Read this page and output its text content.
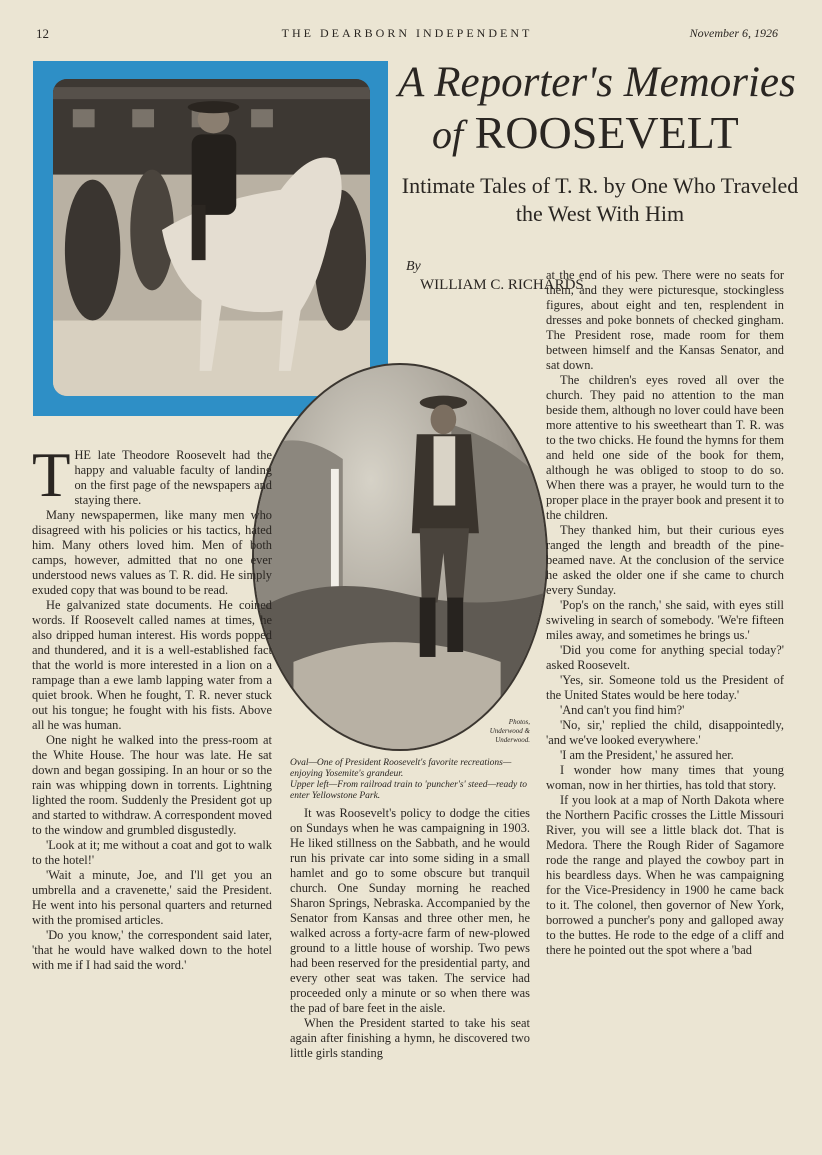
12	THE DEARBORN INDEPENDENT	November 6, 1926
A Reporter's Memories
of ROOSEVELT
Intimate Tales of T. R. by One Who Traveled the West With Him
By
WILLIAM C. RICHARDS
Photos, Underwood & Underwood.

Oval—One of President Roosevelt's favorite recreations—enjoying Yosemite's grandeur.

Upper left—From railroad train to 'puncher's' steed—ready to enter Yellowstone Park.

THE late Theodore Roosevelt had the happy and valuable faculty of landing on the first page of the newspapers and staying there.

Many newspapermen, like many men who disagreed with his policies or his tactics, hated him. Many others loved him. Men of both camps, however, admitted that no one ever understood news values as T. R. did. He simply exuded copy that was bound to be read.

He galvanized state documents. He coined words. If Roosevelt called names at times, he also dripped human interest. His words popped and thundered, and it is a well-established fact that the world is more interested in a lion on a rampage than a ewe lamb lapping water from a quiet brook. When he fought, T. R. never stuck out his tongue; he fought with his fists. Above all he was human.

One night he walked into the press-room at the White House. The hour was late. He sat down and began gossiping. In an hour or so the rain was whipping down in torrents. Lightning lighted the room. Suddenly the President got up and started to withdraw. A correspondent moved to the window and grumbled disgustedly.

'Look at it; me without a coat and got to walk to the hotel!'

'Wait a minute, Joe, and I'll get you an umbrella and a cravenette,' said the President. He went into his personal quarters and returned with the promised articles.

'Do you know,' the correspondent said later, 'that he would have walked down to the hotel with me if I had said the word.'

It was Roosevelt's policy to dodge the cities on Sundays when he was campaigning in 1903. He liked stillness on the Sabbath, and he would run his private car into some siding in a small hamlet and go to some obscure but tranquil church. One Sunday morning he reached Sharon Springs, Nebraska. Accompanied by the Senator from Kansas and three other men, he walked across a forty-acre farm of new-plowed ground to a little house of worship. Two pews had been reserved for the presidential party, and every other seat was taken. The service had proceeded only a minute or so when there was the pad of bare feet in the aisle.

When the President started to take his seat again after finishing a hymn, he discovered two little girls standing

at the end of his pew. There were no seats for them, and they were picturesque, stockingless figures, about eight and ten, resplendent in dresses and poke bonnets of checked gingham. The President rose, made room for them between himself and the Kansas Senator, and sat down.

The children's eyes roved all over the church. They paid no attention to the man beside them, although no lover could have been more attentive to his sweetheart than T. R. was to the two chicks. He found the hymns for them and held one side of the book for them, although he was obliged to stoop to do so. When there was a prayer, he would turn to the proper place in the prayer book and present it to the children.

They thanked him, but their curious eyes ranged the length and breadth of the pine-beamed nave. At the conclusion of the service he asked the older one if she came to church every Sunday.

'Pop's on the ranch,' she said, with eyes still swiveling in search of somebody. 'We're fifteen miles away, and sometimes he brings us.'

'Did you come for anything special today?' asked Roosevelt.

'Yes, sir. Someone told us the President of the United States would be here today.'

'And can't you find him?'

'No, sir,' replied the child, disappointedly, 'and we've looked everywhere.'

'I am the President,' he assured her.

I wonder how many times that young woman, now in her thirties, has told that story.

If you look at a map of North Dakota where the Northern Pacific crosses the Little Missouri River, you will see a little black dot. That is Medora. There the Rough Rider of Sagamore rode the range and played the cowboy part in his beardless days. When he was campaigning for the Vice-Presidency in 1900 he came back to it. The colonel, then governor of New York, borrowed a puncher's pony and galloped away to the buttes. He rode to the edge of a cliff and there he pointed out the spot where a 'bad
